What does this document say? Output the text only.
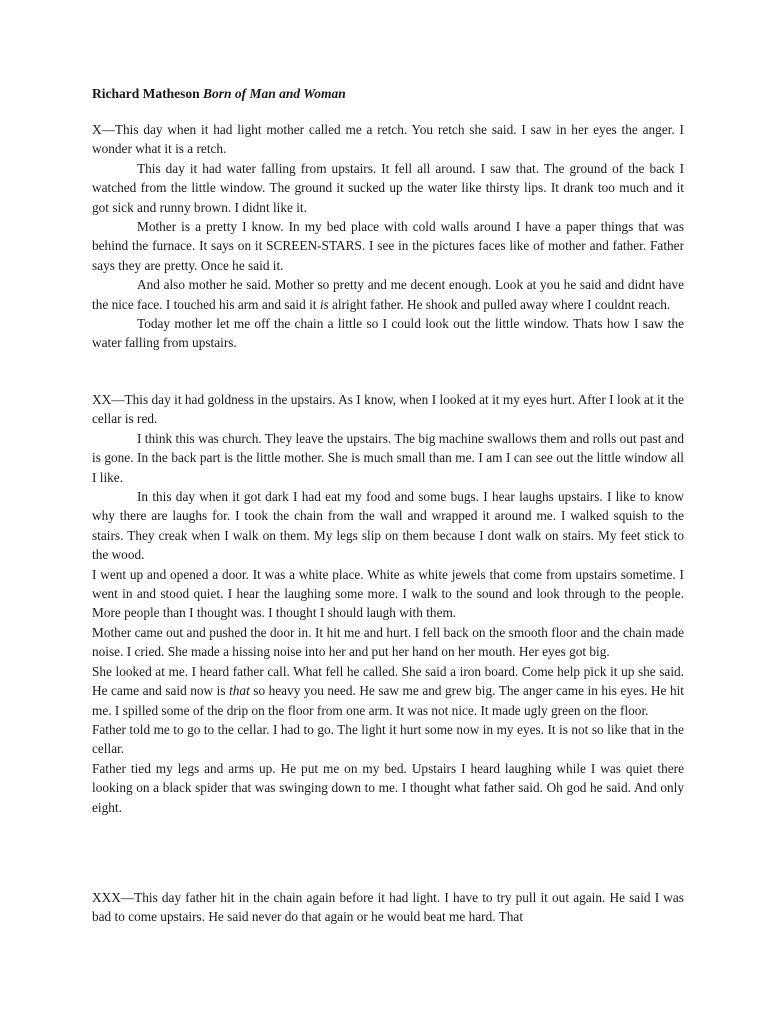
Richard Matheson Born of Man and Woman

X—This day when it had light mother called me a retch. You retch she said. I saw in her eyes the anger. I wonder what it is a retch.

This day it had water falling from upstairs. It fell all around. I saw that. The ground of the back I watched from the little window. The ground it sucked up the water like thirsty lips. It drank too much and it got sick and runny brown. I didnt like it.

Mother is a pretty I know. In my bed place with cold walls around I have a paper things that was behind the furnace. It says on it SCREEN-STARS. I see in the pictures faces like of mother and father. Father says they are pretty. Once he said it.

And also mother he said. Mother so pretty and me decent enough. Look at you he said and didnt have the nice face. I touched his arm and said it is alright father. He shook and pulled away where I couldnt reach.

Today mother let me off the chain a little so I could look out the little window. Thats how I saw the water falling from upstairs.

XX—This day it had goldness in the upstairs. As I know, when I looked at it my eyes hurt. After I look at it the cellar is red.

I think this was church. They leave the upstairs. The big machine swallows them and rolls out past and is gone. In the back part is the little mother. She is much small than me. I am I can see out the little window all I like.

In this day when it got dark I had eat my food and some bugs. I hear laughs upstairs. I like to know why there are laughs for. I took the chain from the wall and wrapped it around me. I walked squish to the stairs. They creak when I walk on them. My legs slip on them because I dont walk on stairs. My feet stick to the wood.

I went up and opened a door. It was a white place. White as white jewels that come from upstairs sometime. I went in and stood quiet. I hear the laughing some more. I walk to the sound and look through to the people. More people than I thought was. I thought I should laugh with them.

Mother came out and pushed the door in. It hit me and hurt. I fell back on the smooth floor and the chain made noise. I cried. She made a hissing noise into her and put her hand on her mouth. Her eyes got big.

She looked at me. I heard father call. What fell he called. She said a iron board. Come help pick it up she said. He came and said now is that so heavy you need. He saw me and grew big. The anger came in his eyes. He hit me. I spilled some of the drip on the floor from one arm. It was not nice. It made ugly green on the floor.

Father told me to go to the cellar. I had to go. The light it hurt some now in my eyes. It is not so like that in the cellar.

Father tied my legs and arms up. He put me on my bed. Upstairs I heard laughing while I was quiet there looking on a black spider that was swinging down to me. I thought what father said. Oh god he said. And only eight.

XXX—This day father hit in the chain again before it had light. I have to try pull it out again. He said I was bad to come upstairs. He said never do that again or he would beat me hard. That
